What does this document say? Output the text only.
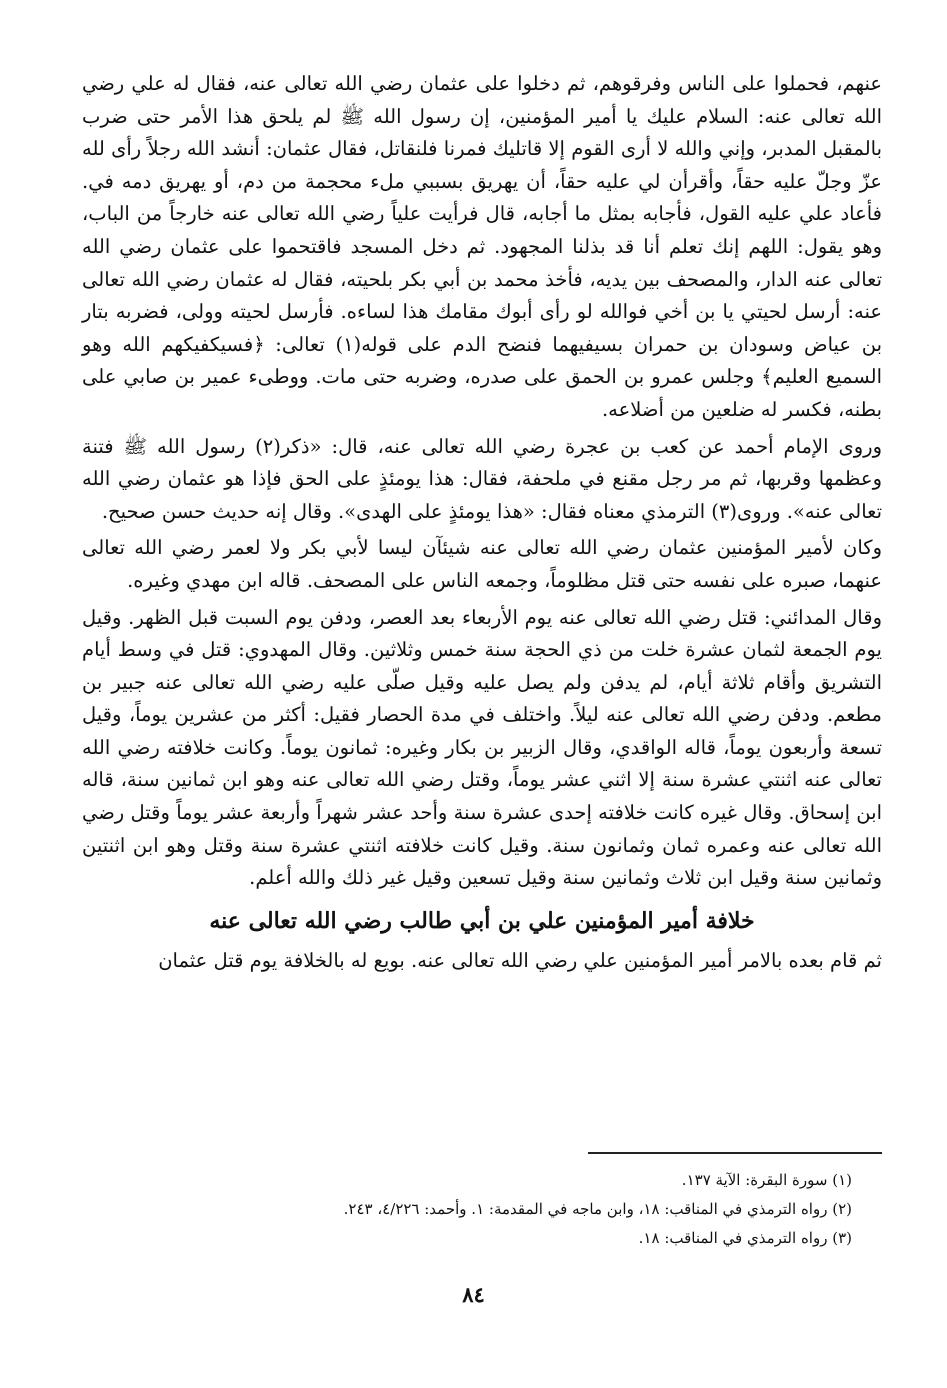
عنهم، فحملوا على الناس وفرقوهم، ثم دخلوا على عثمان رضي الله تعالى عنه، فقال له علي رضي الله تعالى عنه: السلام عليك يا أمير المؤمنين، إن رسول الله ﷺ لم يلحق هذا الأمر حتى ضرب بالمقبل المدبر، وإني والله لا أرى القوم إلا قاتليك فمرنا فلنقاتل، فقال عثمان: أنشد الله رجلاً رأى لله عزّ وجلّ عليه حقاً، وأقرأن لي عليه حقاً، أن يهريق بسببي ملء محجمة من دم، أو يهريق دمه في. فأعاد علي عليه القول، فأجابه بمثل ما أجابه، قال فرأيت علياً رضي الله تعالى عنه خارجاً من الباب، وهو يقول: اللهم إنك تعلم أنا قد بذلنا المجهود. ثم دخل المسجد فاقتحموا على عثمان رضي الله تعالى عنه الدار، والمصحف بين يديه، فأخذ محمد بن أبي بكر بلحيته، فقال له عثمان رضي الله تعالى عنه: أرسل لحيتي يا بن أخي فوالله لو رأى أبوك مقامك هذا لساءه. فأرسل لحيته وولى، فضربه بتار بن عياض وسودان بن حمران بسيفيهما فنضح الدم على قوله(١) تعالى: ﴿فسيكفيكهم الله وهو السميع العليم﴾ وجلس عمرو بن الحمق على صدره، وضربه حتى مات. ووطىء عمير بن صابي على بطنه، فكسر له ضلعين من أضلاعه.

وروى الإمام أحمد عن كعب بن عجرة رضي الله تعالى عنه، قال: «ذكر(٢) رسول الله ﷺ فتنة وعظمها وقربها، ثم مر رجل مقنع في ملحفة، فقال: هذا يومئذٍ على الحق فإذا هو عثمان رضي الله تعالى عنه». وروى(٣) الترمذي معناه فقال: «هذا يومئذٍ على الهدى». وقال إنه حديث حسن صحيح.

وكان لأمير المؤمنين عثمان رضي الله تعالى عنه شيئآن ليسا لأبي بكر ولا لعمر رضي الله تعالى عنهما، صبره على نفسه حتى قتل مظلوماً، وجمعه الناس على المصحف. قاله ابن مهدي وغيره.

وقال المدائني: قتل رضي الله تعالى عنه يوم الأربعاء بعد العصر، ودفن يوم السبت قبل الظهر. وقيل يوم الجمعة لثمان عشرة خلت من ذي الحجة سنة خمس وثلاثين. وقال المهدوي: قتل في وسط أيام التشريق وأقام ثلاثة أيام، لم يدفن ولم يصل عليه وقيل صلّى عليه رضي الله تعالى عنه جبير بن مطعم. ودفن رضي الله تعالى عنه ليلاً. واختلف في مدة الحصار فقيل: أكثر من عشرين يوماً، وقيل تسعة وأربعون يوماً، قاله الواقدي، وقال الزبير بن بكار وغيره: ثمانون يوماً. وكانت خلافته رضي الله تعالى عنه اثنتي عشرة سنة إلا اثني عشر يوماً، وقتل رضي الله تعالى عنه وهو ابن ثمانين سنة، قاله ابن إسحاق. وقال غيره كانت خلافته إحدى عشرة سنة وأحد عشر شهراً وأربعة عشر يوماً وقتل رضي الله تعالى عنه وعمره ثمان وثمانون سنة. وقيل كانت خلافته اثنتي عشرة سنة وقتل وهو ابن اثنتين وثمانين سنة وقيل ابن ثلاث وثمانين سنة وقيل تسعين وقيل غير ذلك والله أعلم.

خلافة أمير المؤمنين علي بن أبي طالب رضي الله تعالى عنه

ثم قام بعده بالامر أمير المؤمنين علي رضي الله تعالى عنه. بويع له بالخلافة يوم قتل عثمان

(١) سورة البقرة: الآية ١٣٧.

(٢) رواه الترمذي في المناقب: ١٨، وابن ماجه في المقدمة: ١. وأحمد: ٤/٢٢٦، ٢٤٣.

(٣) رواه الترمذي في المناقب: ١٨.

٨٤
